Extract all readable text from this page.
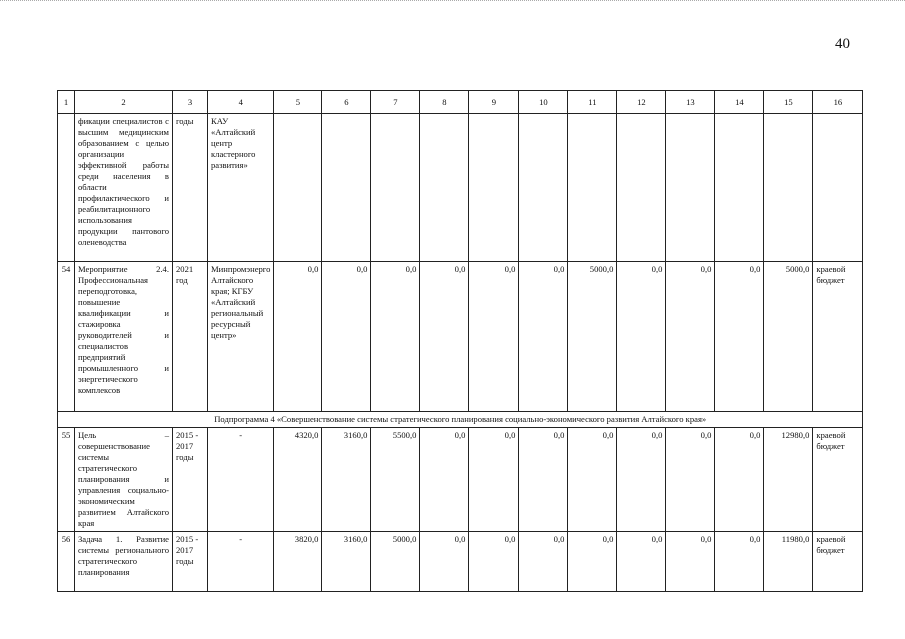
40
1	2	3	4	5	6	7	8	9	10	11	12	13	14	15	16
	фикации специалистов с высшим медицинским образованием с целью организации эффективной работы среди населения в области профилактического и реабилитационного использования продукции пантового оленеводства	годы	КАУ «Алтайский центр кластерного развития»												
54	Мероприятие 2.4. Профессиональная переподготовка, повышение квалификации и стажировка руководителей и специалистов предприятий промышленного и энергетического комплексов	2021 год	Минпромэнерго Алтайского края; КГБУ «Алтайский региональный ресурсный центр»	0,0	0,0	0,0	0,0	0,0	0,0	5000,0	0,0	0,0	0,0	5000,0	краевой бюджет
Подпрограмма 4 «Совершенствование системы стратегического планирования социально-экономического развития Алтайского края»															
55	Цель – совершенствование системы стратегического планирования и управления социально-экономическим развитием Алтайского края	2015 - 2017 годы	-	4320,0	3160,0	5500,0	0,0	0,0	0,0	0,0	0,0	0,0	0,0	12980,0	краевой бюджет
56	Задача 1. Развитие системы регионального стратегического планирования	2015 - 2017 годы	-	3820,0	3160,0	5000,0	0,0	0,0	0,0	0,0	0,0	0,0	0,0	11980,0	краевой бюджет
